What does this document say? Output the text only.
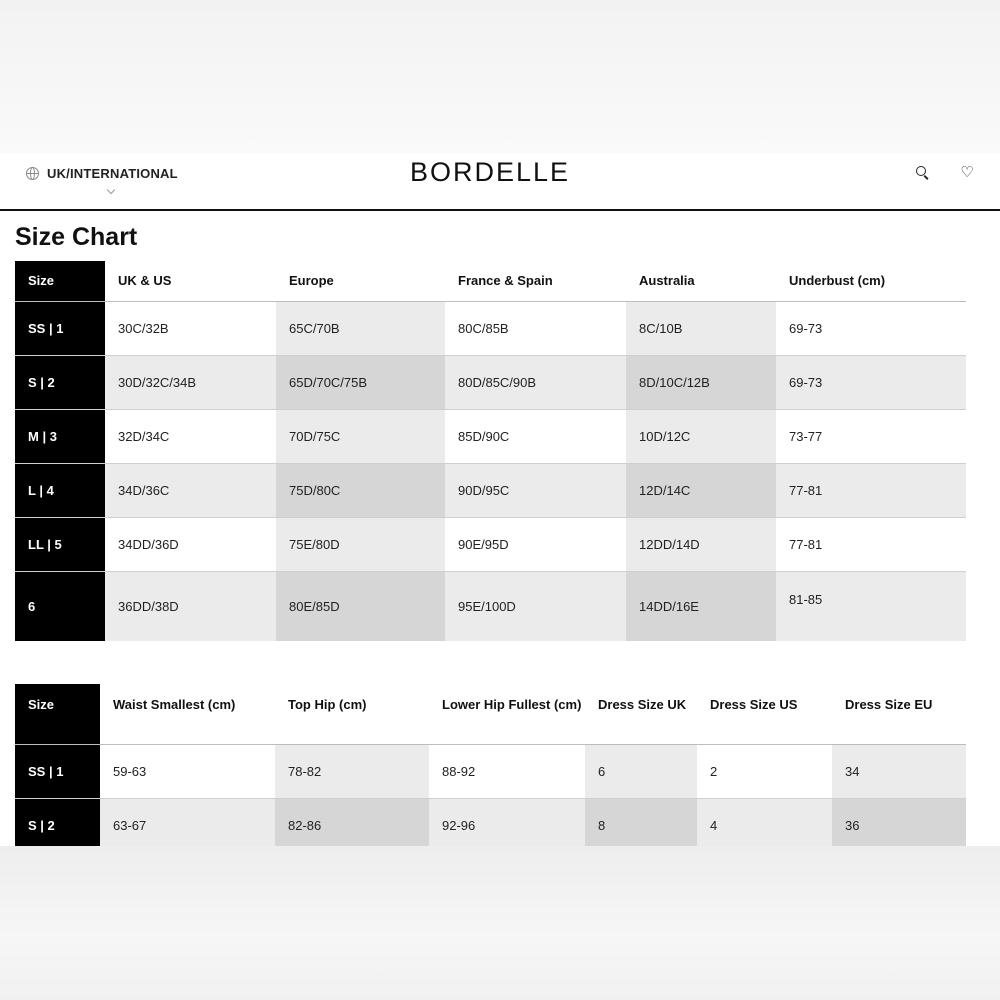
UK/INTERNATIONAL	BORDELLE	♡
Size Chart
Size	UK & US	Europe	France & Spain	Australia	Underbust (cm)
SS | 1	30C/32B	65C/70B	80C/85B	8C/10B	69-73
S | 2	30D/32C/34B	65D/70C/75B	80D/85C/90B	8D/10C/12B	69-73
M | 3	32D/34C	70D/75C	85D/90C	10D/12C	73-77
L | 4	34D/36C	75D/80C	90D/95C	12D/14C	77-81
LL | 5	34DD/36D	75E/80D	90E/95D	12DD/14D	77-81
6	36DD/38D	80E/85D	95E/100D	14DD/16E	81-85
Size	Waist Smallest (cm)	Top Hip (cm)	Lower Hip Fullest (cm)	Dress Size UK	Dress Size US	Dress Size EU
SS | 1	59-63	78-82	88-92	6	2	34
S | 2	63-67	82-86	92-96	8	4	36
